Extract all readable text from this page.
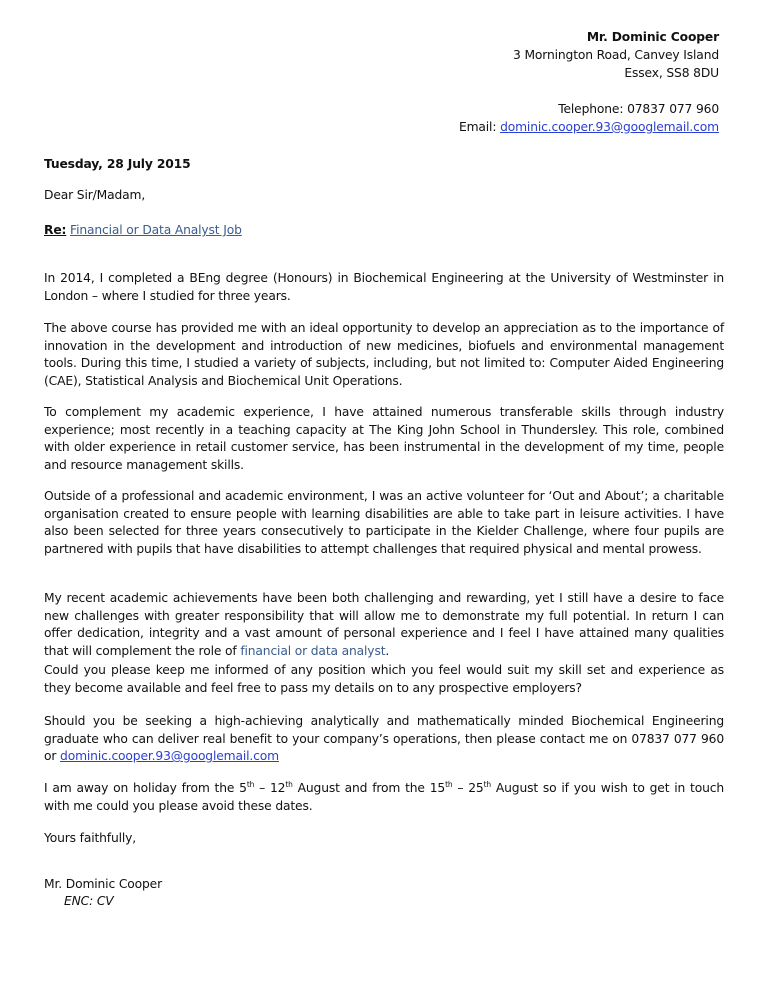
Mr. Dominic Cooper
3 Mornington Road, Canvey Island
Essex, SS8 8DU
Telephone: 07837 077 960
Email: dominic.cooper.93@googlemail.com
Tuesday, 28 July 2015
Dear Sir/Madam,
Re: Financial or Data Analyst Job
In 2014, I completed a BEng degree (Honours) in Biochemical Engineering at the University of Westminster in London – where I studied for three years.
The above course has provided me with an ideal opportunity to develop an appreciation as to the importance of innovation in the development and introduction of new medicines, biofuels and environmental management tools. During this time, I studied a variety of subjects, including, but not limited to: Computer Aided Engineering (CAE), Statistical Analysis and Biochemical Unit Operations.
To complement my academic experience, I have attained numerous transferable skills through industry experience; most recently in a teaching capacity at The King John School in Thundersley. This role, combined with older experience in retail customer service, has been instrumental in the development of my time, people and resource management skills.
Outside of a professional and academic environment, I was an active volunteer for ‘Out and About’; a charitable organisation created to ensure people with learning disabilities are able to take part in leisure activities. I have also been selected for three years consecutively to participate in the Kielder Challenge, where four pupils are partnered with pupils that have disabilities to attempt challenges that required physical and mental prowess.
My recent academic achievements have been both challenging and rewarding, yet I still have a desire to face new challenges with greater responsibility that will allow me to demonstrate my full potential. In return I can offer dedication, integrity and a vast amount of personal experience and I feel I have attained many qualities that will complement the role of financial or data analyst.
Could you please keep me informed of any position which you feel would suit my skill set and experience as they become available and feel free to pass my details on to any prospective employers?
Should you be seeking a high-achieving analytically and mathematically minded Biochemical Engineering graduate who can deliver real benefit to your company’s operations, then please contact me on 07837 077 960 or dominic.cooper.93@googlemail.com
I am away on holiday from the 5th – 12th August and from the 15th – 25th August so if you wish to get in touch with me could you please avoid these dates.
Yours faithfully,
Mr. Dominic Cooper
ENC: CV
